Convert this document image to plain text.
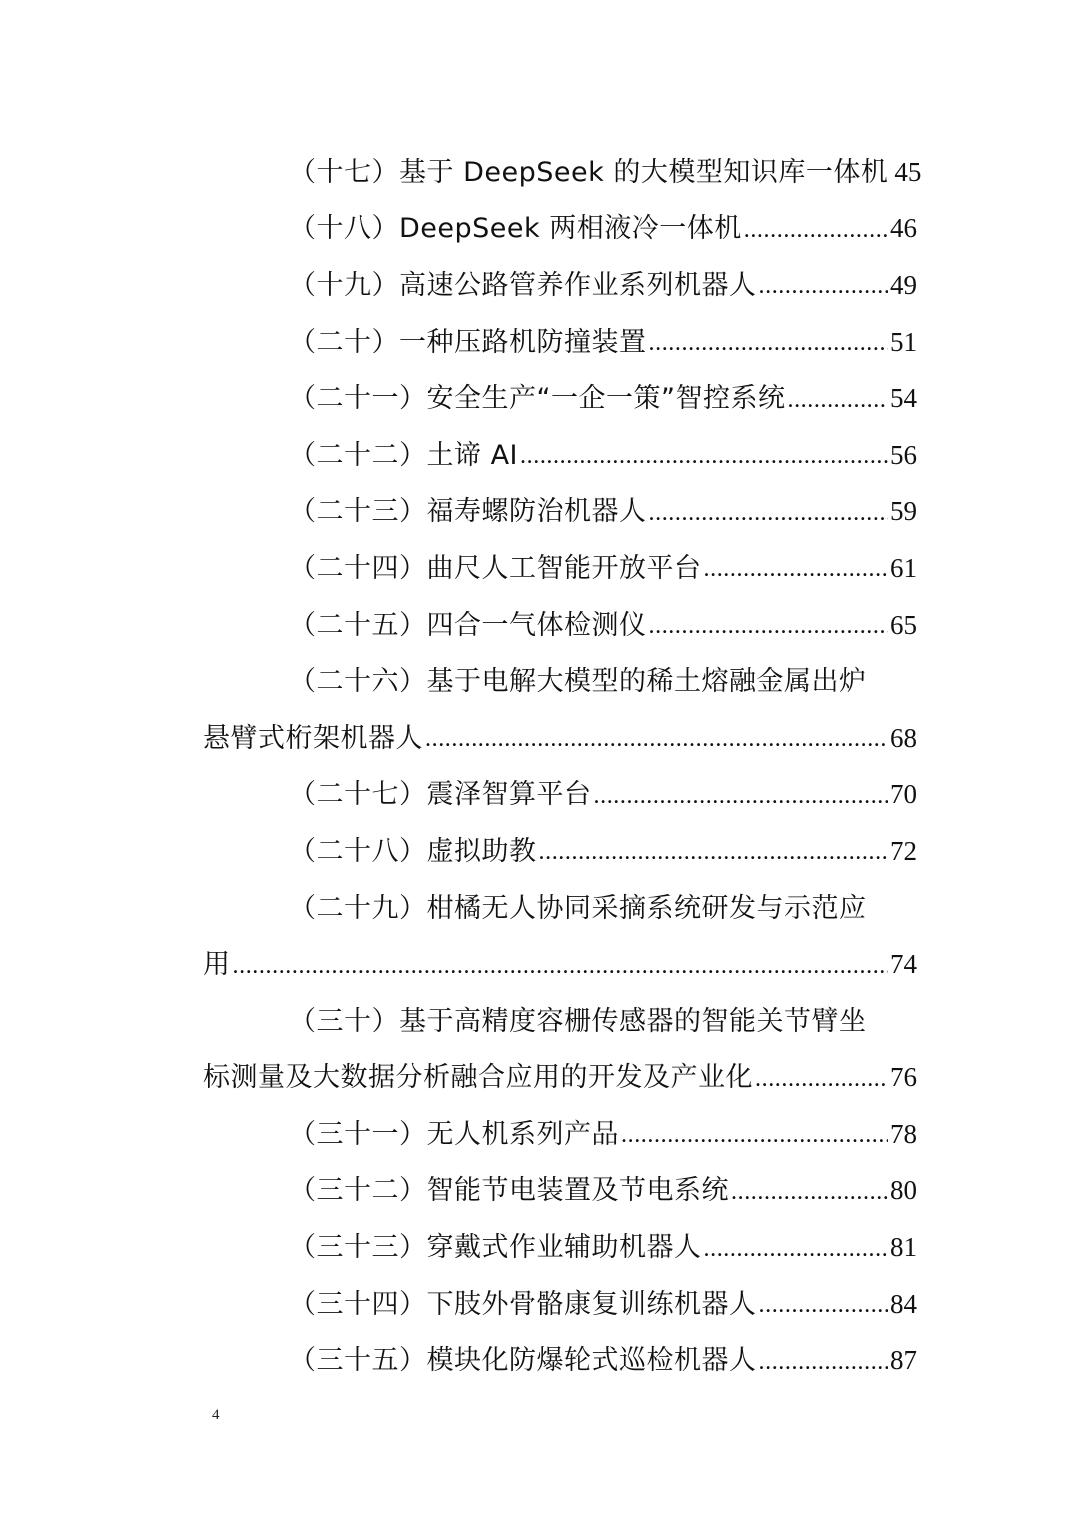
（十七）基于 DeepSeek 的大模型知识库一体机 45
（十八）DeepSeek 两相液冷一体机 .....	46
（十九）高速公路管养作业系列机器人 .....	49
（二十）一种压路机防撞装置 .....	51
（二十一）安全生产“一企一策”智控系统 .....	54
（二十二）土谛 AI .....	56
（二十三）福寿螺防治机器人 .....	59
（二十四）曲尺人工智能开放平台 .....	61
（二十五）四合一气体检测仪 .....	65
（二十六）基于电解大模型的稀土熔融金属出炉
悬臂式桁架机器人 .....	68
（二十七）震泽智算平台 .....	70
（二十八）虚拟助教 .....	72
（二十九）柑橘无人协同采摘系统研发与示范应
用 .....	74
（三十）基于高精度容栅传感器的智能关节臂坐
标测量及大数据分析融合应用的开发及产业化 .....	76
（三十一）无人机系列产品 .....	78
（三十二）智能节电装置及节电系统 .....	80
（三十三）穿戴式作业辅助机器人 .....	81
（三十四）下肢外骨骼康复训练机器人 .....	84
（三十五）模块化防爆轮式巡检机器人 .....	87
4
